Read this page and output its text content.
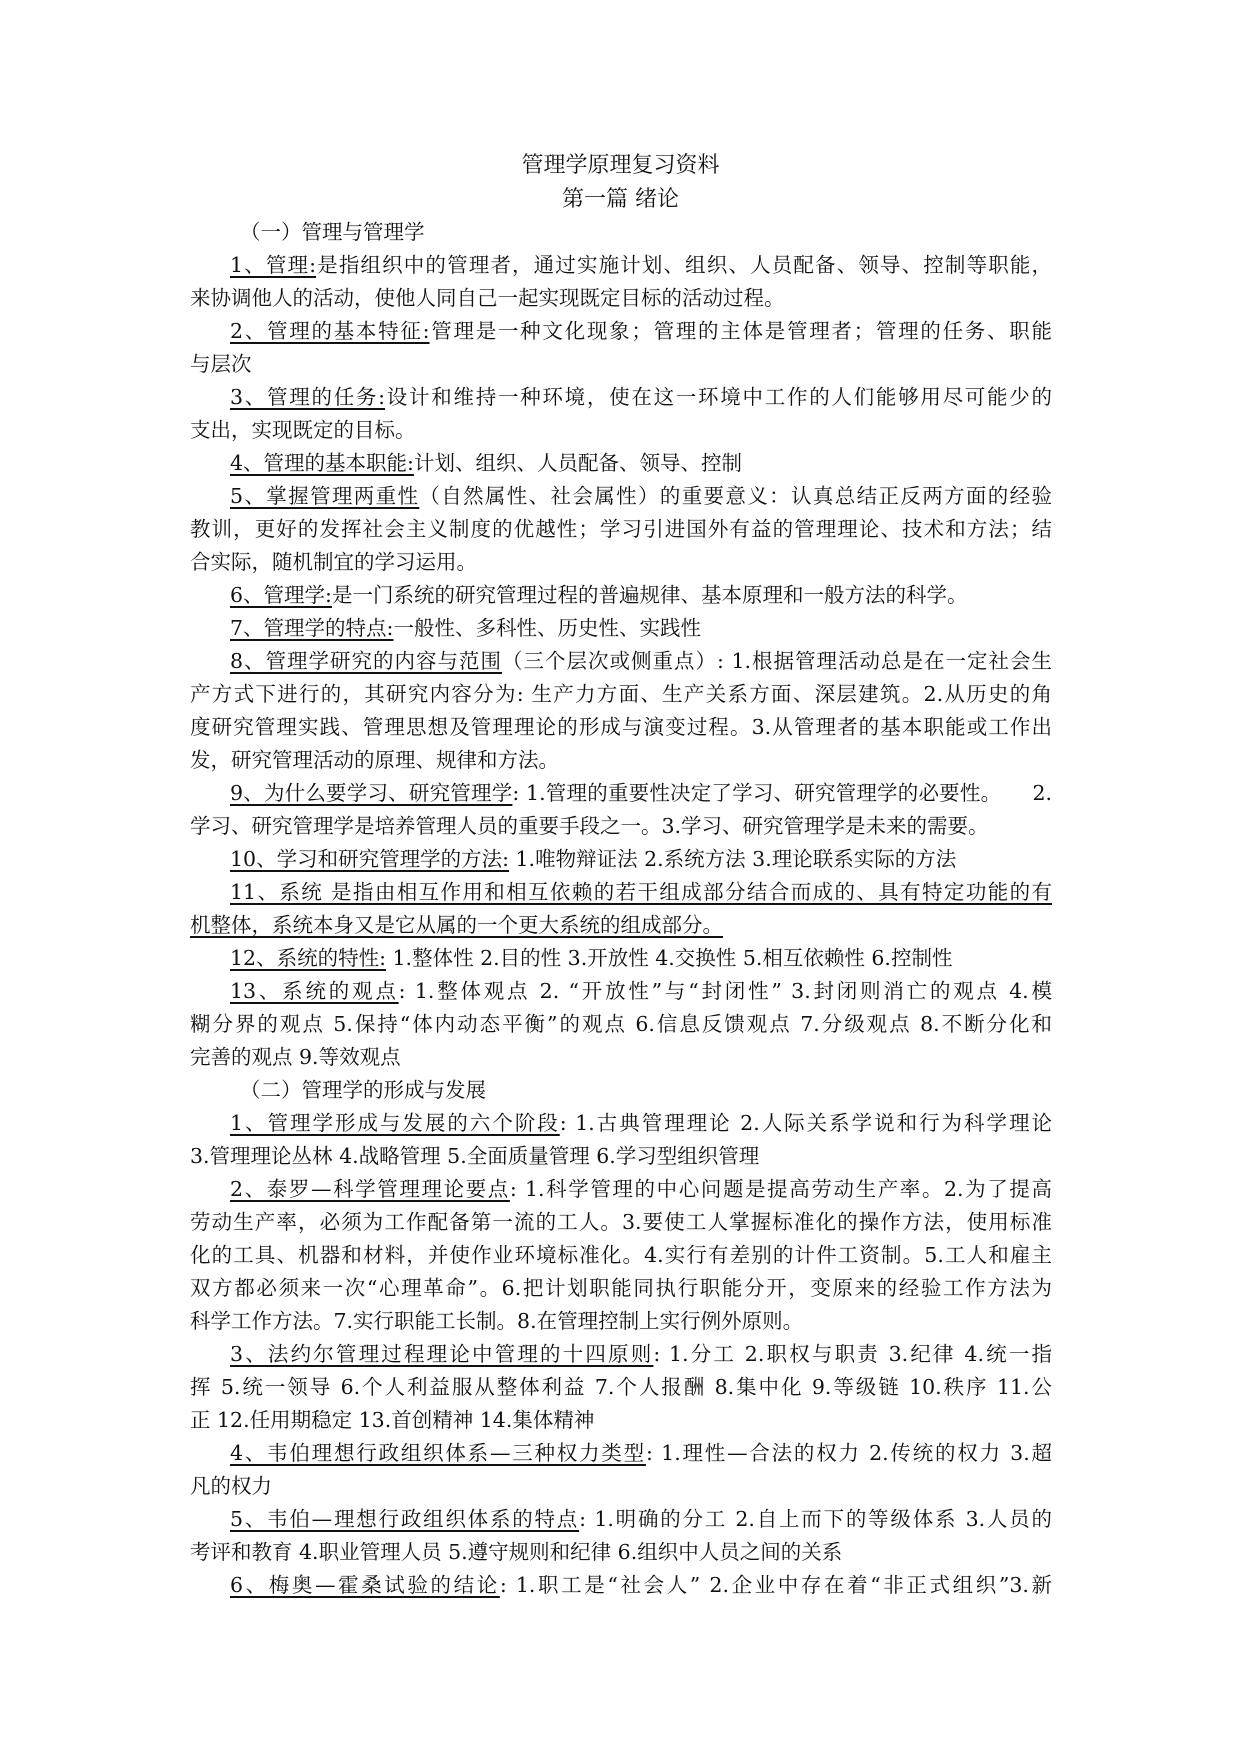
管理学原理复习资料
第一篇 绪论
（一）管理与管理学
1、管理:是指组织中的管理者，通过实施计划、组织、人员配备、领导、控制等职能，
来协调他人的活动，使他人同自己一起实现既定目标的活动过程。
2、管理的基本特征:管理是一种文化现象；管理的主体是管理者；管理的任务、职能
与层次
3、管理的任务:设计和维持一种环境，使在这一环境中工作的人们能够用尽可能少的
支出，实现既定的目标。
4、管理的基本职能:计划、组织、人员配备、领导、控制
5、掌握管理两重性（自然属性、社会属性）的重要意义：认真总结正反两方面的经验
教训，更好的发挥社会主义制度的优越性；学习引进国外有益的管理理论、技术和方法；结
合实际，随机制宜的学习运用。
6、管理学:是一门系统的研究管理过程的普遍规律、基本原理和一般方法的科学。
7、管理学的特点:一般性、多科性、历史性、实践性
8、管理学研究的内容与范围（三个层次或侧重点）: 1.根据管理活动总是在一定社会生
产方式下进行的，其研究内容分为: 生产力方面、生产关系方面、深层建筑。2.从历史的角
度研究管理实践、管理思想及管理理论的形成与演变过程。3.从管理者的基本职能或工作出
发，研究管理活动的原理、规律和方法。
9、为什么要学习、研究管理学: 1.管理的重要性决定了学习、研究管理学的必要性。　　2.
学习、研究管理学是培养管理人员的重要手段之一。3.学习、研究管理学是未来的需要。
10、学习和研究管理学的方法: 1.唯物辩证法 2.系统方法 3.理论联系实际的方法
11、系统 是指由相互作用和相互依赖的若干组成部分结合而成的、具有特定功能的有
机整体，系统本身又是它从属的一个更大系统的组成部分。
12、系统的特性: 1.整体性 2.目的性 3.开放性 4.交换性 5.相互依赖性 6.控制性
13、系统的观点: 1.整体观点 2. “开放性”与“封闭性” 3.封闭则消亡的观点 4.模
糊分界的观点 5.保持“体内动态平衡”的观点 6.信息反馈观点 7.分级观点 8.不断分化和
完善的观点 9.等效观点
（二）管理学的形成与发展
1、管理学形成与发展的六个阶段: 1.古典管理理论 2.人际关系学说和行为科学理论
3.管理理论丛林 4.战略管理 5.全面质量管理 6.学习型组织管理
2、泰罗—科学管理理论要点: 1.科学管理的中心问题是提高劳动生产率。2.为了提高
劳动生产率，必须为工作配备第一流的工人。3.要使工人掌握标准化的操作方法，使用标准
化的工具、机器和材料，并使作业环境标准化。4.实行有差别的计件工资制。5.工人和雇主
双方都必须来一次“心理革命”。6.把计划职能同执行职能分开，变原来的经验工作方法为
科学工作方法。7.实行职能工长制。8.在管理控制上实行例外原则。
3、法约尔管理过程理论中管理的十四原则: 1.分工 2.职权与职责 3.纪律 4.统一指
挥 5.统一领导 6.个人利益服从整体利益 7.个人报酬 8.集中化 9.等级链 10.秩序 11.公
正 12.任用期稳定 13.首创精神 14.集体精神
4、韦伯理想行政组织体系—三种权力类型: 1.理性—合法的权力 2.传统的权力 3.超
凡的权力
5、韦伯—理想行政组织体系的特点: 1.明确的分工 2.自上而下的等级体系 3.人员的
考评和教育 4.职业管理人员 5.遵守规则和纪律 6.组织中人员之间的关系
6、梅奥—霍桑试验的结论: 1.职工是“社会人” 2.企业中存在着“非正式组织”3.新
